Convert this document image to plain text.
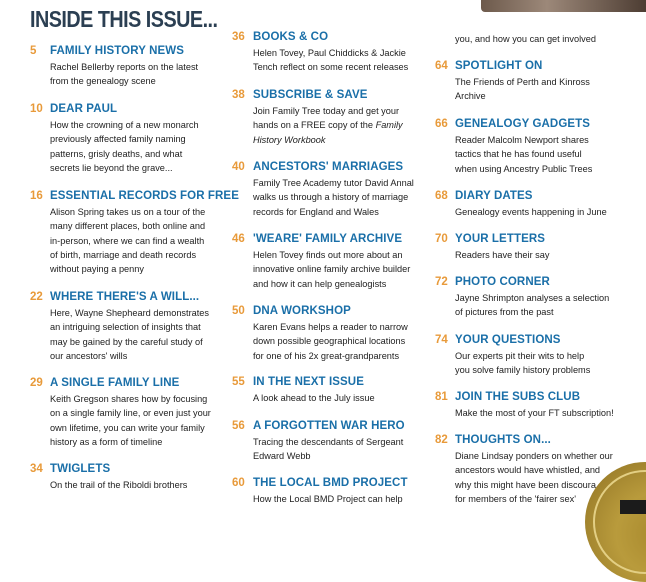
INSIDE THIS ISSUE...
5 FAMILY HISTORY NEWS
Rachel Bellerby reports on the latest
from the genealogy scene
10 DEAR PAUL
How the crowning of a new monarch
previously affected family naming
patterns, grisly deaths, and what
secrets lie beyond the grave...
16 ESSENTIAL RECORDS FOR FREE
Alison Spring takes us on a tour of the
many different places, both online and
in-person, where we can find a wealth
of birth, marriage and death records
without paying a penny
22 WHERE THERE'S A WILL...
Here, Wayne Shepheard demonstrates
an intriguing selection of insights that
may be gained by the careful study of
our ancestors' wills
29 A SINGLE FAMILY LINE
Keith Gregson shares how by focusing
on a single family line, or even just your
own lifetime, you can write your family
history as a form of timeline
34 TWIGLETS
On the trail of the Riboldi brothers
36 BOOKS & CO
Helen Tovey, Paul Chiddicks & Jackie
Tench reflect on some recent releases
38 SUBSCRIBE & SAVE
Join Family Tree today and get your
hands on a FREE copy of the Family
History Workbook
40 ANCESTORS' MARRIAGES
Family Tree Academy tutor David Annal
walks us through a history of marriage
records for England and Wales
46 'WEARE' FAMILY ARCHIVE
Helen Tovey finds out more about an
innovative online family archive builder
and how it can help genealogists
50 DNA WORKSHOP
Karen Evans helps a reader to narrow
down possible geographical locations
for one of his 2x great-grandparents
55 IN THE NEXT ISSUE
A look ahead to the July issue
56 A FORGOTTEN WAR HERO
Tracing the descendants of Sergeant
Edward Webb
60 THE LOCAL BMD PROJECT
How the Local BMD Project can help
you, and how you can get involved
64 SPOTLIGHT ON
The Friends of Perth and Kinross
Archive
66 GENEALOGY GADGETS
Reader Malcolm Newport shares
tactics that he has found useful
when using Ancestry Public Trees
68 DIARY DATES
Genealogy events happening in June
70 YOUR LETTERS
Readers have their say
72 PHOTO CORNER
Jayne Shrimpton analyses a selection
of pictures from the past
74 YOUR QUESTIONS
Our experts pit their wits to help
you solve family history problems
81 JOIN THE SUBS CLUB
Make the most of your FT subscription!
82 THOUGHTS ON...
Diane Lindsay ponders on whether our
ancestors would have whistled, and
why this might have been discoura
for members of the 'fairer sex'
